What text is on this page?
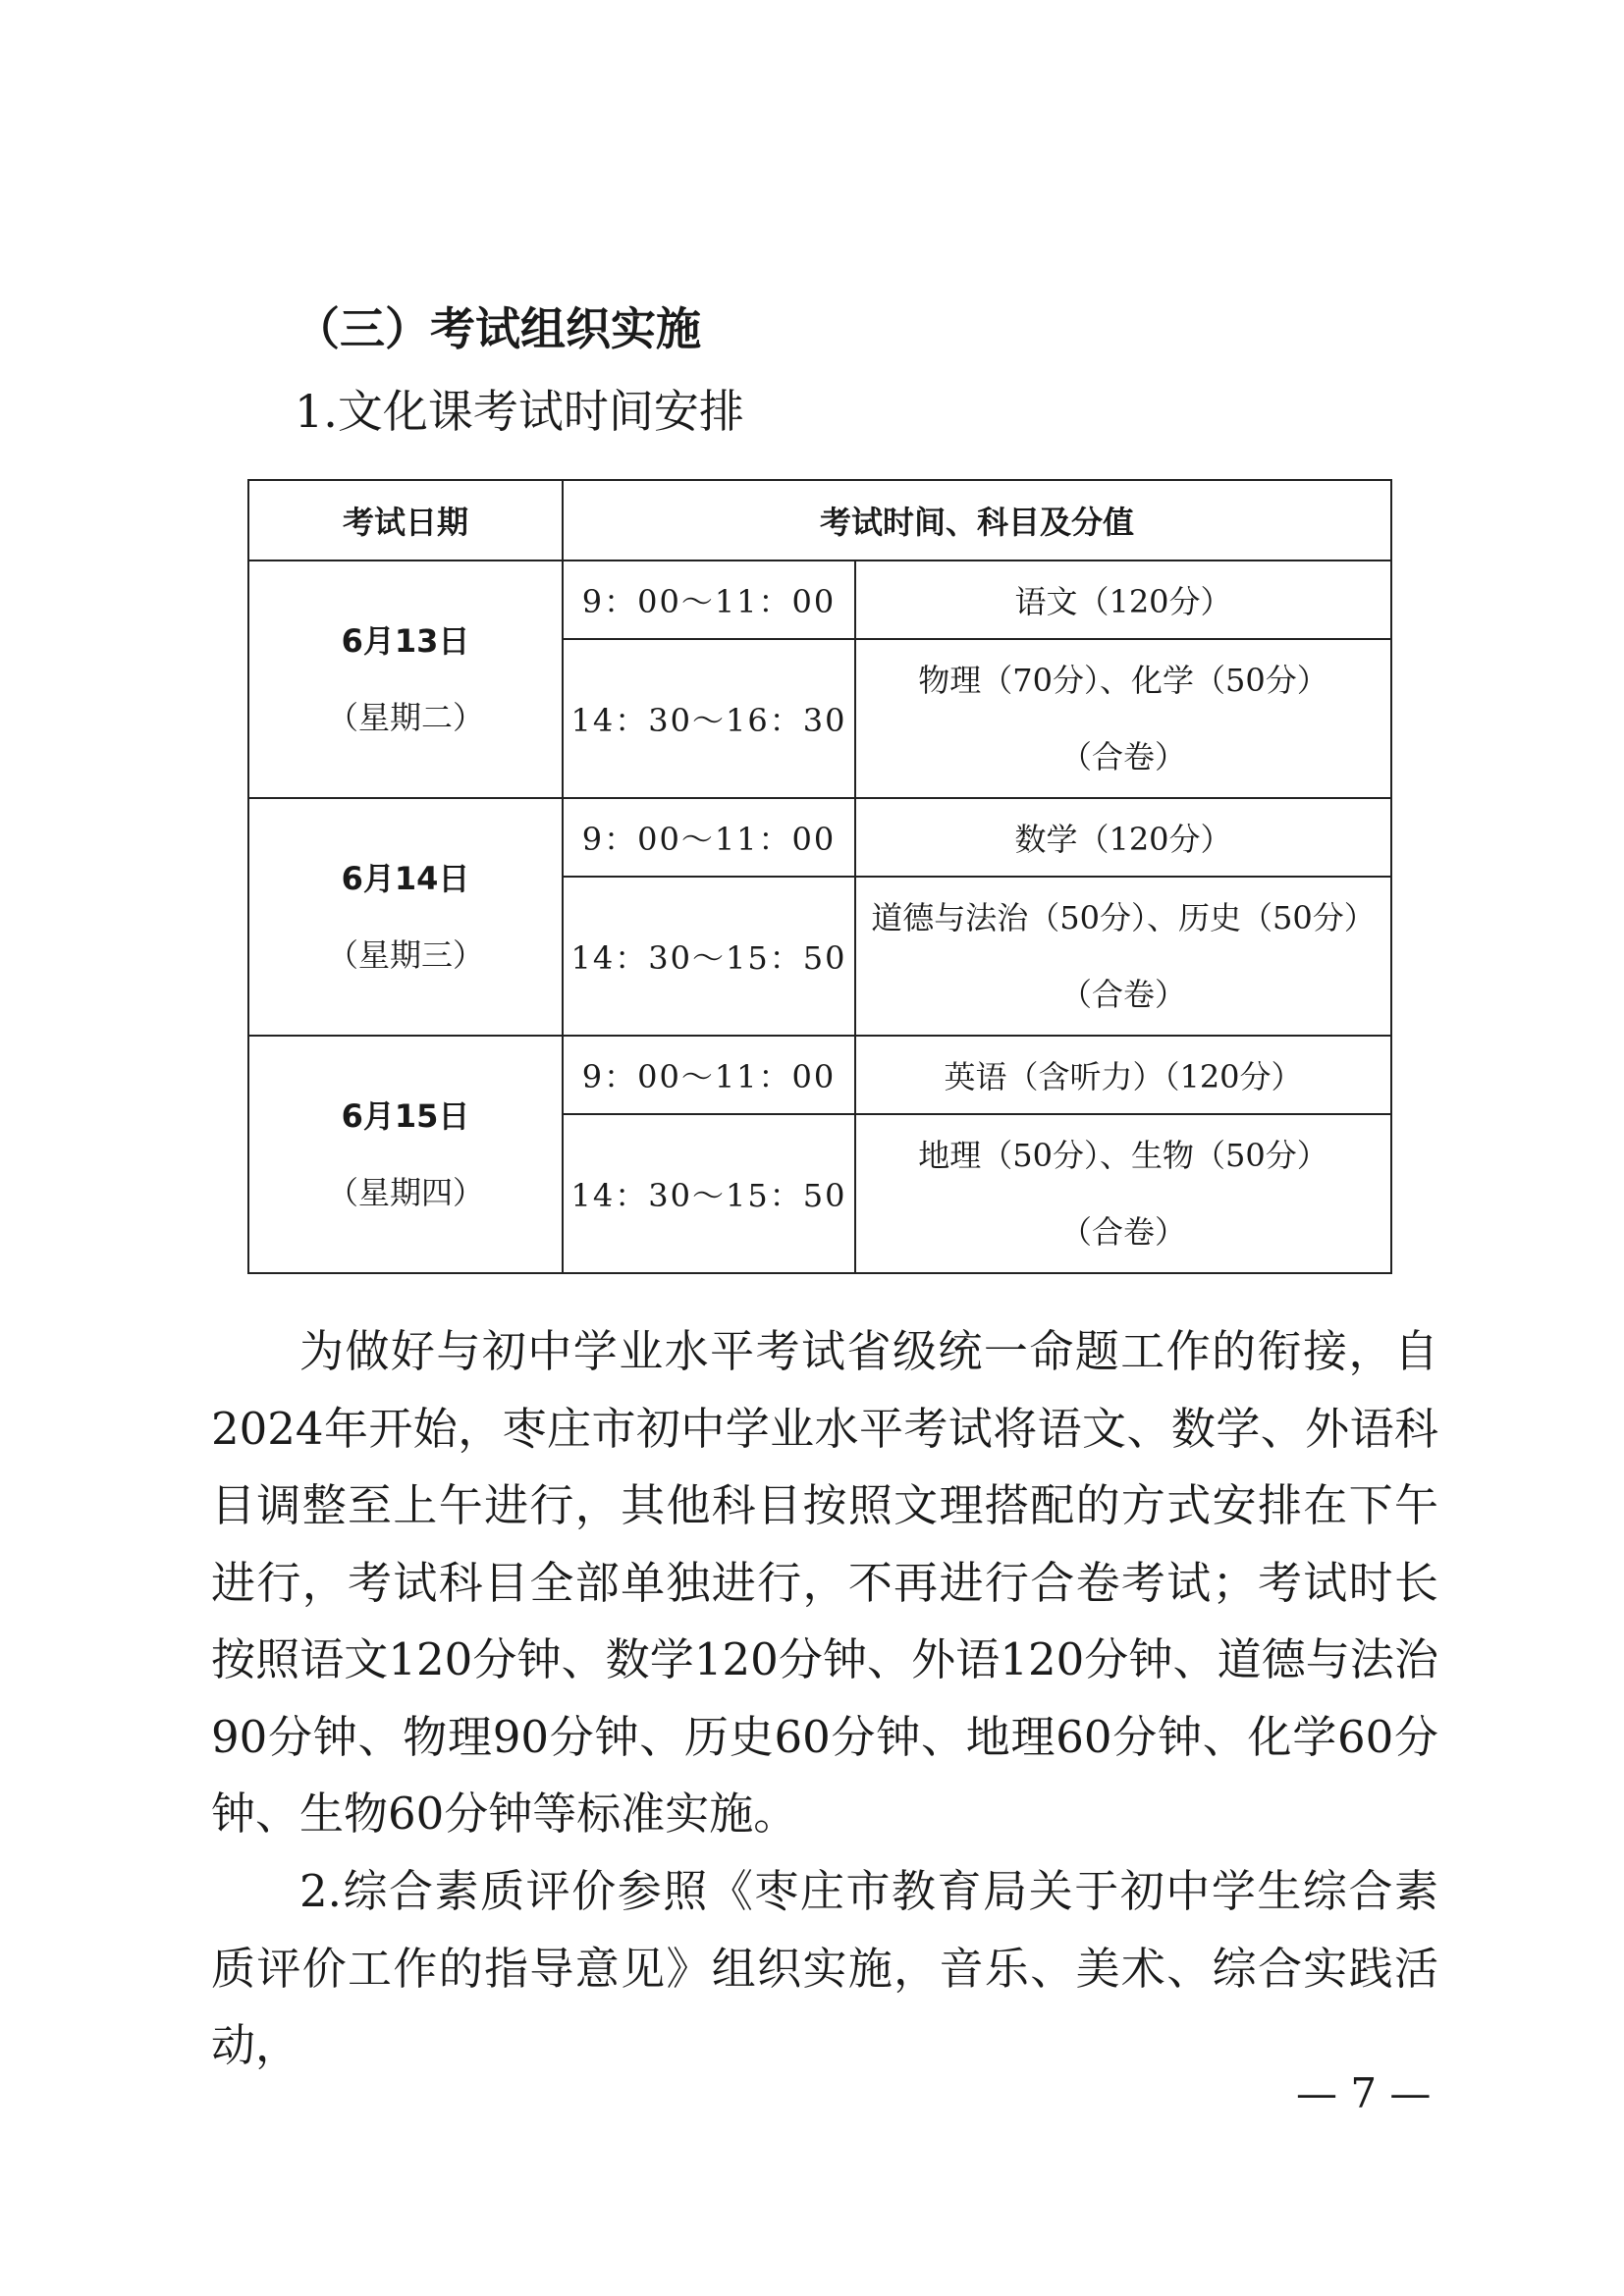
（三）考试组织实施

1.文化课考试时间安排

考试日期	考试时间、科目及分值	

6月13日
（星期二）	9：00～11：00	语文（120分）
	14：30～16：30	物理（70分）、化学（50分）
（合卷）

6月14日
（星期三）	9：00～11：00	数学（120分）
	14：30～15：50	道德与法治（50分）、历史（50分）
（合卷）

6月15日
（星期四）	9：00～11：00	英语（含听力）（120分）
	14：30～15：50	地理（50分）、生物（50分）
（合卷）

为做好与初中学业水平考试省级统一命题工作的衔接，自2024年开始，枣庄市初中学业水平考试将语文、数学、外语科目调整至上午进行，其他科目按照文理搭配的方式安排在下午进行，考试科目全部单独进行，不再进行合卷考试；考试时长按照语文120分钟、数学120分钟、外语120分钟、道德与法治90分钟、物理90分钟、历史60分钟、地理60分钟、化学60分钟、生物60分钟等标准实施。

2.综合素质评价参照《枣庄市教育局关于初中学生综合素质评价工作的指导意见》组织实施，音乐、美术、综合实践活动，

— 7 —
